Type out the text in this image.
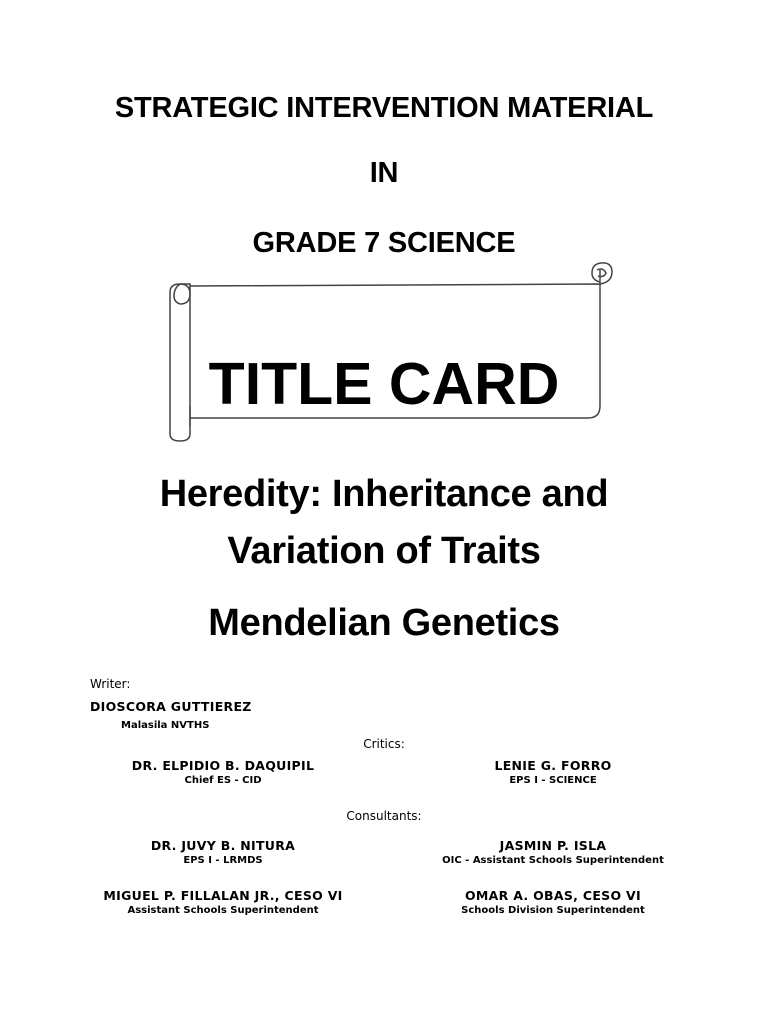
STRATEGIC INTERVENTION MATERIAL
IN
GRADE 7 SCIENCE
TITLE CARD
Heredity: Inheritance and
Variation of Traits
Mendelian Genetics
Writer:
DIOSCORA GUTTIEREZ
Malasila NVTHS
Critics:
DR. ELPIDIO B. DAQUIPIL
Chief ES - CID
LENIE G. FORRO
EPS I - SCIENCE
Consultants:
DR. JUVY B. NITURA
EPS I - LRMDS
JASMIN P. ISLA
OIC - Assistant Schools Superintendent
MIGUEL P. FILLALAN JR., CESO VI
Assistant Schools Superintendent
OMAR A. OBAS, CESO VI
Schools Division Superintendent
